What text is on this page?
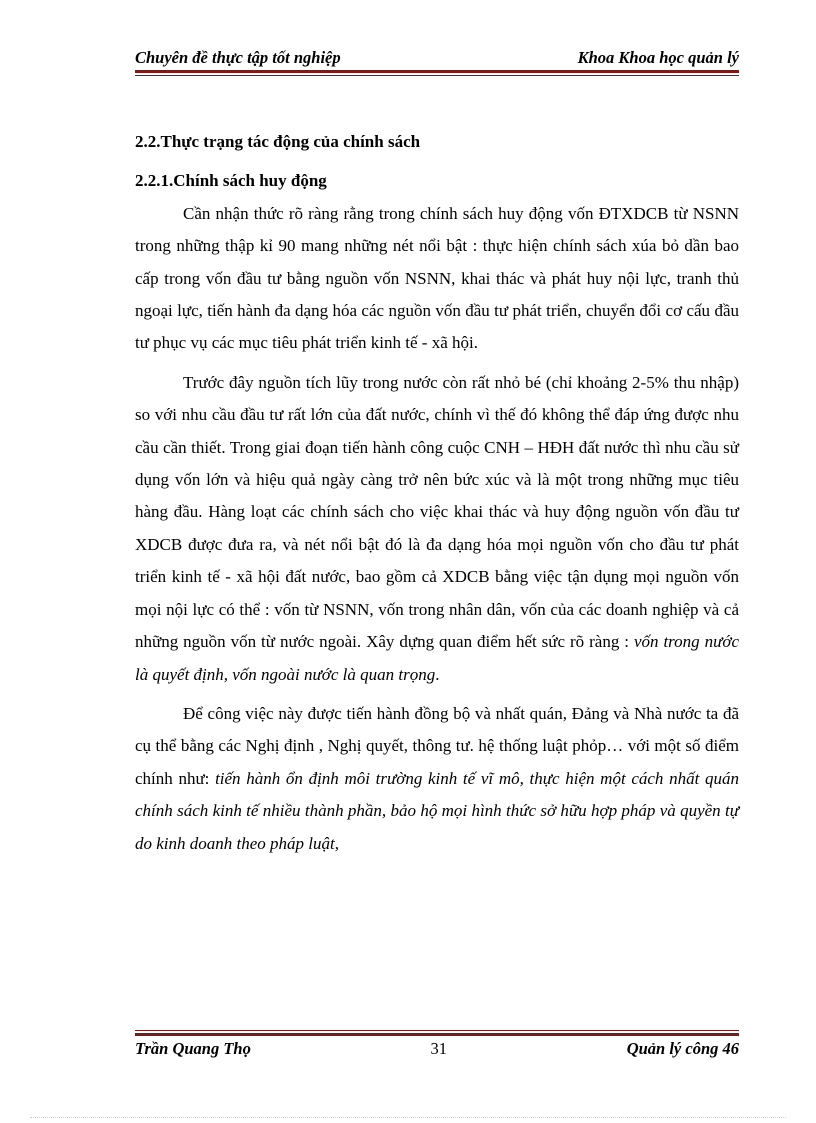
Chuyên đề thực tập tốt nghiệp	Khoa Khoa học quản lý

2.2.Thực trạng tác động của chính sách

2.2.1.Chính sách huy động

Cần nhận thức rõ ràng rằng trong chính sách huy động vốn ĐTXDCB từ NSNN trong những thập kỉ 90 mang những nét nổi bật : thực hiện chính sách xúa bỏ dần bao cấp trong vốn đầu tư bằng nguồn vốn NSNN, khai thác và phát huy nội lực, tranh thủ ngoại lực, tiến hành đa dạng hóa các nguồn vốn đầu tư phát triển, chuyển đổi cơ cấu đầu tư phục vụ các mục tiêu phát triển kinh tế - xã hội.

Trước đây nguồn tích lũy trong nước còn rất nhỏ bé (chỉ khoảng 2-5% thu nhập) so với nhu cầu đầu tư rất lớn của đất nước, chính vì thế đó không thể đáp ứng được nhu cầu cần thiết. Trong giai đoạn tiến hành công cuộc CNH – HĐH đất nước thì nhu cầu sử dụng vốn lớn và hiệu quả ngày càng trở nên bức xúc và là một trong những mục tiêu hàng đầu. Hàng loạt các chính sách cho việc khai thác và huy động nguồn vốn đầu tư XDCB được đưa ra, và nét nổi bật đó là đa dạng hóa mọi nguồn vốn cho đầu tư phát triển kinh tế - xã hội đất nước, bao gồm cả XDCB bằng việc tận dụng mọi nguồn vốn mọi nội lực có thể : vốn từ NSNN, vốn trong nhân dân, vốn của các doanh nghiệp và cả những nguồn vốn từ nước ngoài. Xây dựng quan điểm hết sức rõ ràng : vốn trong nước là quyết định, vốn ngoài nước là quan trọng.

Để công việc này được tiến hành đồng bộ và nhất quán, Đảng và Nhà nước ta đã cụ thể bằng các Nghị định , Nghị quyết, thông tư. hệ thống luật phỏp… với một số điểm chính như: tiến hành ổn định môi trường kinh tế vĩ mô, thực hiện một cách nhất quán chính sách kinh tế nhiều thành phần, bảo hộ mọi hình thức sở hữu hợp pháp và quyền tự do kinh doanh theo pháp luật,

Trần Quang Thọ	31	Quản lý công 46
